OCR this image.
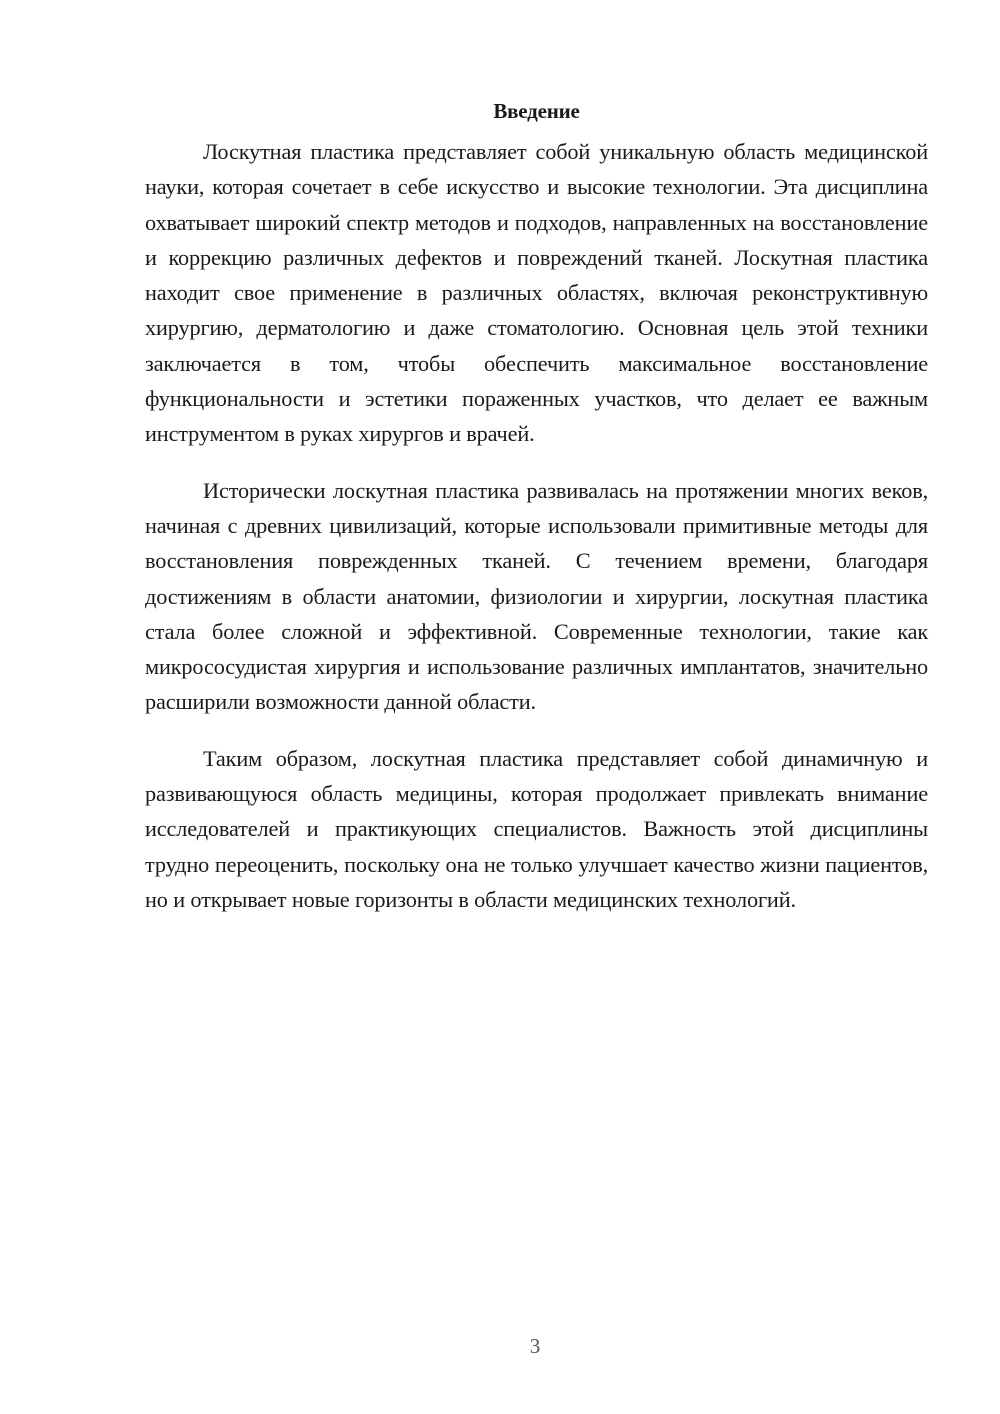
Введение

Лоскутная пластика представляет собой уникальную область медицинской науки, которая сочетает в себе искусство и высокие технологии. Эта дисциплина охватывает широкий спектр методов и подходов, направленных на восстановление и коррекцию различных дефектов и повреждений тканей. Лоскутная пластика находит свое применение в различных областях, включая реконструктивную хирургию, дерматологию и даже стоматологию. Основная цель этой техники заключается в том, чтобы обеспечить максимальное восстановление функциональности и эстетики пораженных участков, что делает ее важным инструментом в руках хирургов и врачей.

Исторически лоскутная пластика развивалась на протяжении многих веков, начиная с древних цивилизаций, которые использовали примитивные методы для восстановления поврежденных тканей. С течением времени, благодаря достижениям в области анатомии, физиологии и хирургии, лоскутная пластика стала более сложной и эффективной. Современные технологии, такие как микрососудистая хирургия и использование различных имплантатов, значительно расширили возможности данной области.

Таким образом, лоскутная пластика представляет собой динамичную и развивающуюся область медицины, которая продолжает привлекать внимание исследователей и практикующих специалистов. Важность этой дисциплины трудно переоценить, поскольку она не только улучшает качество жизни пациентов, но и открывает новые горизонты в области медицинских технологий.

3
